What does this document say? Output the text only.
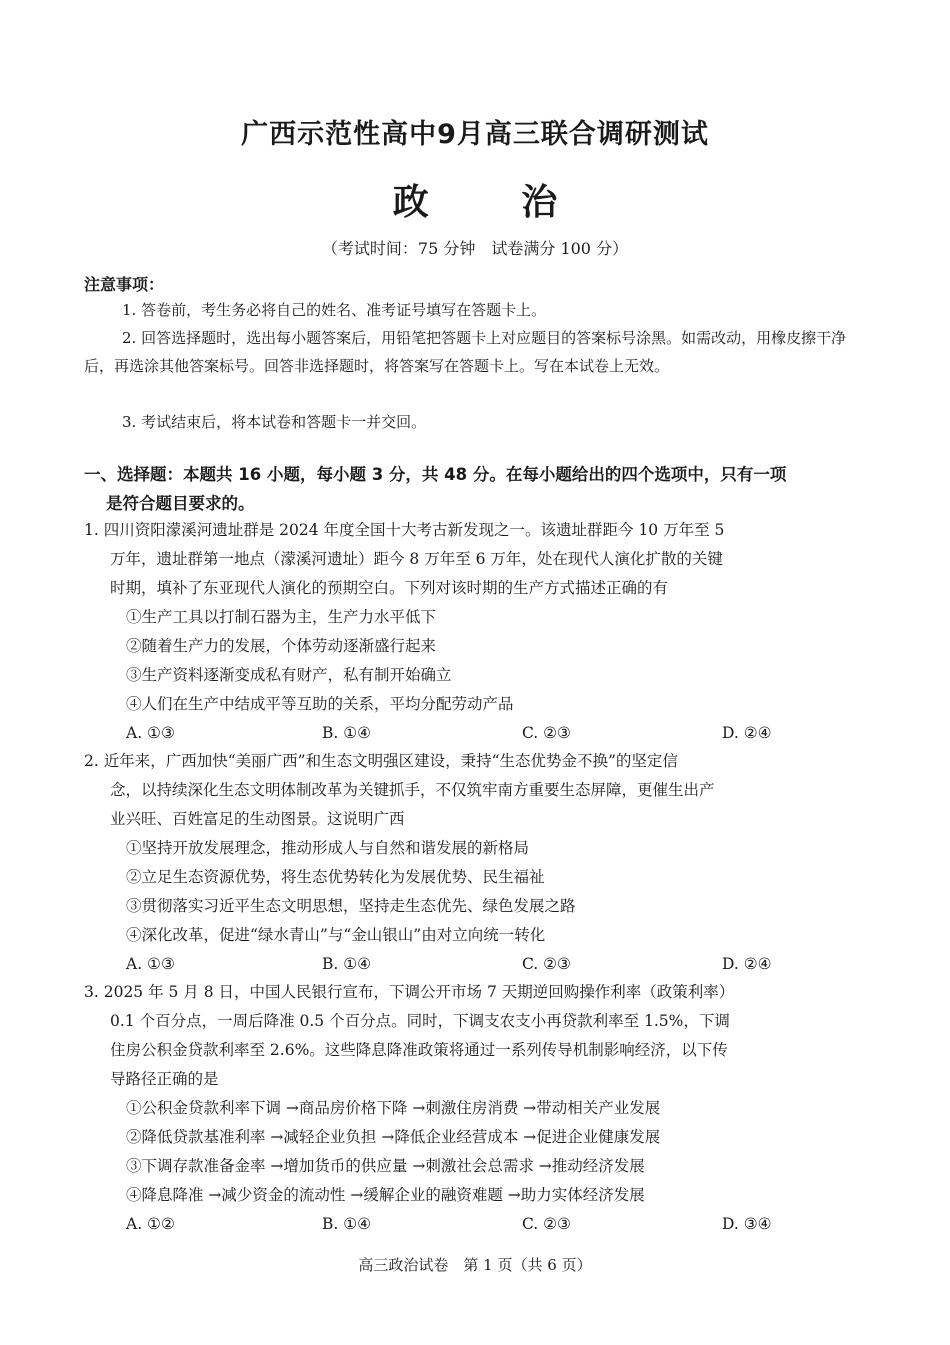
广西示范性高中9月高三联合调研测试
政 治
（考试时间：75 分钟　试卷满分 100 分）
注意事项：
1. 答卷前，考生务必将自己的姓名、准考证号填写在答题卡上。
2. 回答选择题时，选出每小题答案后，用铅笔把答题卡上对应题目的答案标号涂黑。如需改动，用橡皮擦干净后，再选涂其他答案标号。回答非选择题时，将答案写在答题卡上。写在本试卷上无效。
3. 考试结束后，将本试卷和答题卡一并交回。
一、选择题：本题共 16 小题，每小题 3 分，共 48 分。在每小题给出的四个选项中，只有一项
是符合题目要求的。
1. 四川资阳濛溪河遗址群是 2024 年度全国十大考古新发现之一。该遗址群距今 10 万年至 5
万年，遗址群第一地点（濛溪河遗址）距今 8 万年至 6 万年，处在现代人演化扩散的关键
时期，填补了东亚现代人演化的预期空白。下列对该时期的生产方式描述正确的有
①生产工具以打制石器为主，生产力水平低下
②随着生产力的发展，个体劳动逐渐盛行起来
③生产资料逐渐变成私有财产，私有制开始确立
④人们在生产中结成平等互助的关系，平均分配劳动产品
A. ①③	B. ①④	C. ②③	D. ②④
2. 近年来，广西加快“美丽广西”和生态文明强区建设，秉持“生态优势金不换”的坚定信
念，以持续深化生态文明体制改革为关键抓手，不仅筑牢南方重要生态屏障，更催生出产
业兴旺、百姓富足的生动图景。这说明广西
①坚持开放发展理念，推动形成人与自然和谐发展的新格局
②立足生态资源优势，将生态优势转化为发展优势、民生福祉
③贯彻落实习近平生态文明思想，坚持走生态优先、绿色发展之路
④深化改革，促进“绿水青山”与“金山银山”由对立向统一转化
A. ①③	B. ①④	C. ②③	D. ②④
3. 2025 年 5 月 8 日，中国人民银行宣布，下调公开市场 7 天期逆回购操作利率（政策利率）
0.1 个百分点，一周后降准 0.5 个百分点。同时，下调支农支小再贷款利率至 1.5%，下调
住房公积金贷款利率至 2.6%。这些降息降准政策将通过一系列传导机制影响经济，以下传
导路径正确的是
①公积金贷款利率下调 →商品房价格下降 →刺激住房消费 →带动相关产业发展
②降低贷款基准利率 →减轻企业负担 →降低企业经营成本 →促进企业健康发展
③下调存款准备金率 →增加货币的供应量 →刺激社会总需求 →推动经济发展
④降息降准 →减少资金的流动性 →缓解企业的融资难题 →助力实体经济发展
A. ①②	B. ①④	C. ②③	D. ③④
高三政治试卷　第 1 页（共 6 页）
